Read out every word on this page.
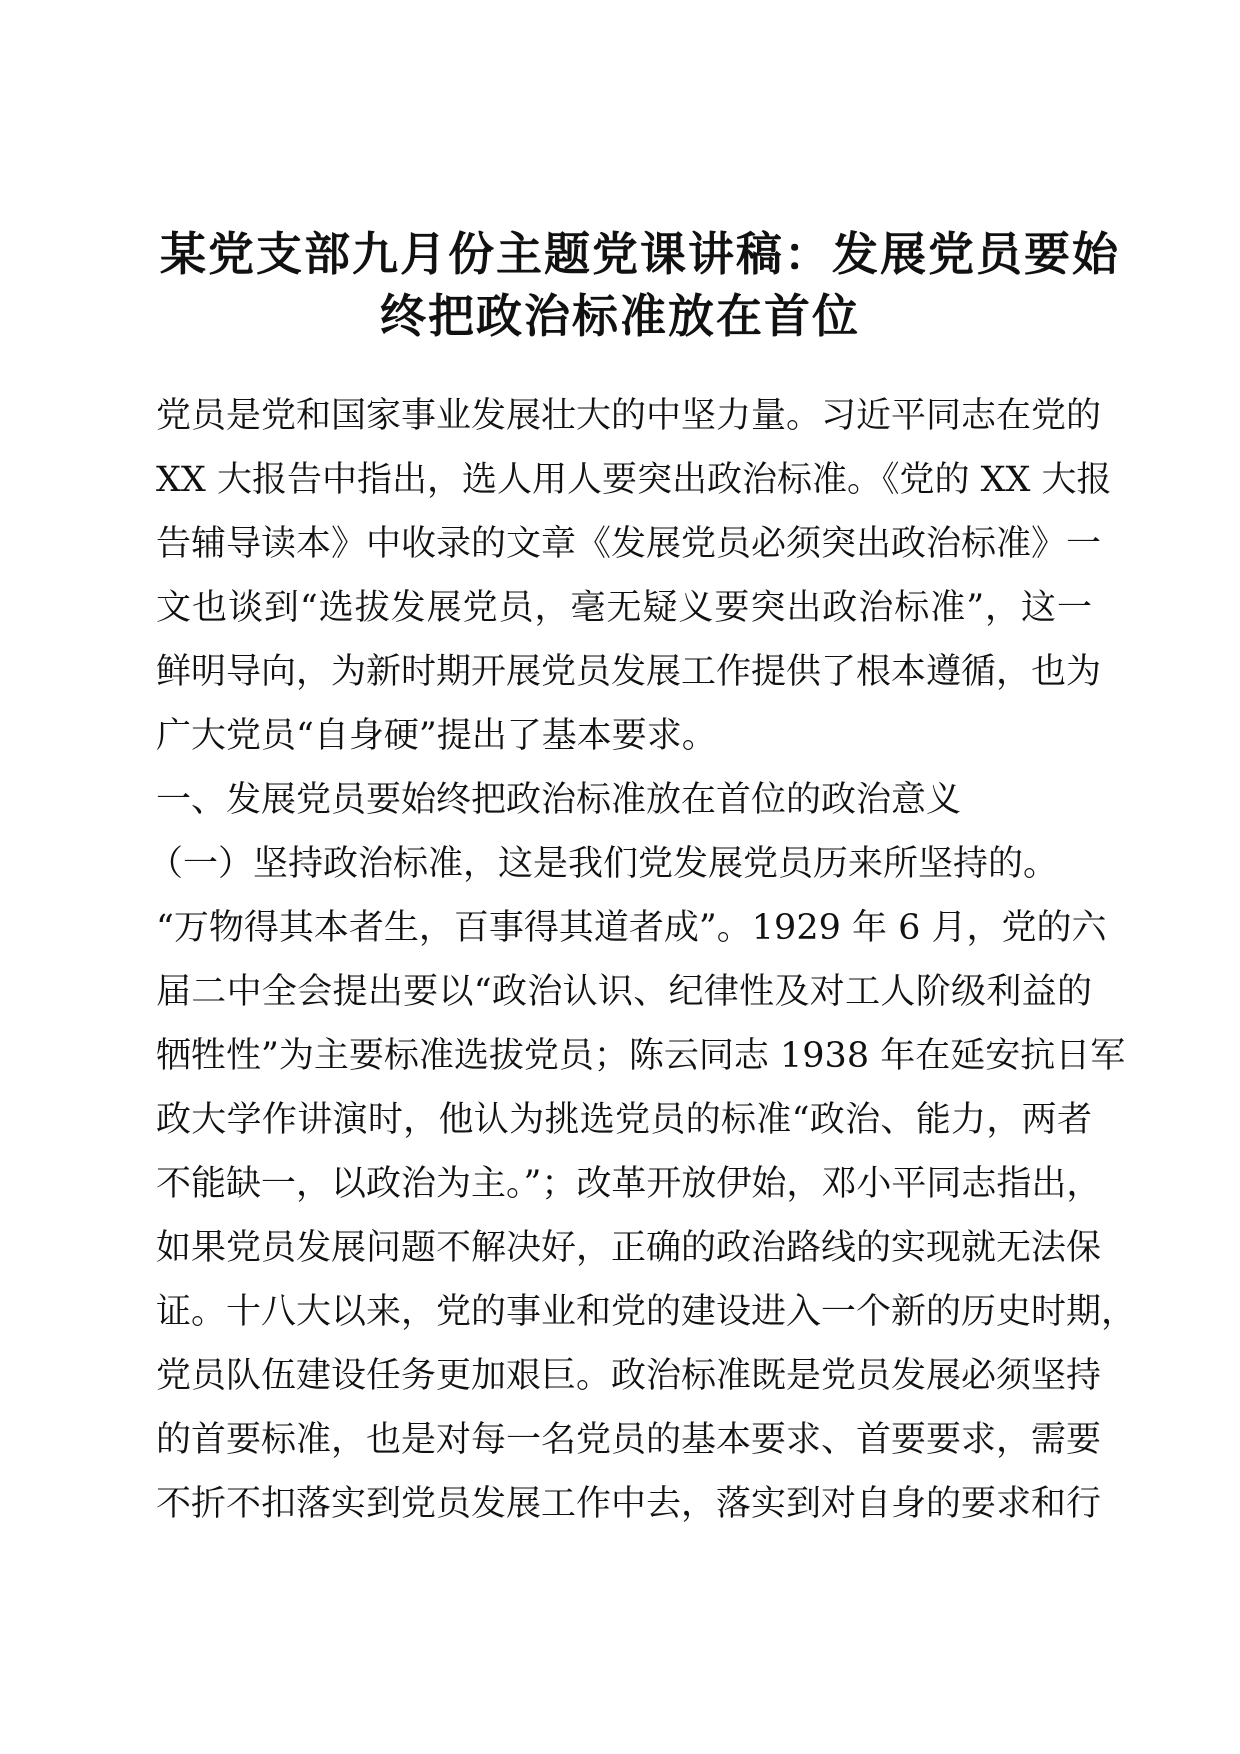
某党支部九月份主题党课讲稿：发展党员要始
终把政治标准放在首位

党员是党和国家事业发展壮大的中坚力量。习近平同志在党的

XX 大报告中指出，选人用人要突出政治标准。《党的 XX 大报

告辅导读本》中收录的文章《发展党员必须突出政治标准》一

文也谈到“选拔发展党员，毫无疑义要突出政治标准”，这一

鲜明导向，为新时期开展党员发展工作提供了根本遵循，也为

广大党员“自身硬”提出了基本要求。

一、发展党员要始终把政治标准放在首位的政治意义

（一）坚持政治标准，这是我们党发展党员历来所坚持的。

“万物得其本者生，百事得其道者成”。1929 年 6 月，党的六

届二中全会提出要以“政治认识、纪律性及对工人阶级利益的

牺牲性”为主要标准选拔党员；陈云同志 1938 年在延安抗日军

政大学作讲演时，他认为挑选党员的标准“政治、能力，两者

不能缺一，以政治为主。”；改革开放伊始，邓小平同志指出，

如果党员发展问题不解决好，正确的政治路线的实现就无法保

证。十八大以来，党的事业和党的建设进入一个新的历史时期，

党员队伍建设任务更加艰巨。政治标准既是党员发展必须坚持

的首要标准，也是对每一名党员的基本要求、首要要求，需要

不折不扣落实到党员发展工作中去，落实到对自身的要求和行
